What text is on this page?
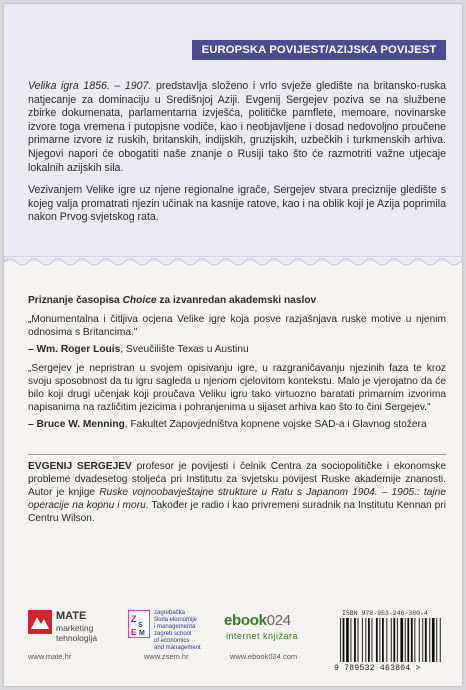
EUROPSKA POVIJEST/AZIJSKA POVIJEST

Velika igra 1856. – 1907. predstavlja složeno i vrlo svježe gledište na britansko-ruska natjecanje za dominaciju u Središnjoj Aziji. Evgenij Sergejev poziva se na službene zbirke dokumenata, parlamentarna izvješća, političke pamflete, memoare, novinarske izvore toga vremena i putopisne vodiče, kao i neobjavljene i dosad nedovoljno proučene primarne izvore iz ruskih, britanskih, indijskih, gruzijskih, uzbečkih i turkmenskih arhiva. Njegovi napori će obogatiti naše znanje o Rusiji tako što će razmotriti važne utjecaje lokalnih azijskih sila.

Vezivanjem Velike igre uz njene regionalne igrače, Sergejev stvara preciznije gledište s kojeg valja promatrati njezin učinak na kasnije ratove, kao i na oblik koji je Azija poprimila nakon Prvog svjetskog rata.

Priznanje časopisa Choice za izvanredan akademski naslov

„Monumentalna i čitljiva ocjena Velike igre koja posve razjašnjava ruske motive u njenim odnosima s Britancima."

– Wm. Roger Louis, Sveučilište Texas u Austinu

„Sergejev je nepristran u svojem opisivanju igre, u razgraničavanju njezinih faza te kroz svoju sposobnost da tu igru sagleda u njenom cjelovitom kontekstu. Malo je vjerojatno da će bilo koji drugi učenjak koji proučava Veliku igru tako virtuozno baratati primarnim izvorima napisanima na različitim jezicima i pohranjenima u sijaset arhiva kao što to čini Sergejev."

– Bruce W. Menning, Fakultet Zapovjedništva kopnene vojske SAD-a i Glavnog stožera

EVGENIJ SERGEJEV profesor je povijesti i čelnik Centra za sociopolitičke i ekonomske probleme dvadesetog stoljeća pri Institutu za svjetsku povijest Ruske akademije znanosti. Autor je knjige Ruske vojnoobavještajne strukture u Ratu s Japanom 1904. – 1905.: tajne operacije na kopnu i moru. Također je radio i kao privremeni suradnik na Institutu Kennan pri Centru Wilson.
MATE
marketing
tehnologija
www.mate.hr
Z
S
E M
zagrebačka
škola ekonomije
i managementa
zagreb school
of economics
and management
www.zsem.hr
ebook024
internet knjižara
www.ebook024.com
ISBN 978-953-246-380-4
9 789532 463804 >
